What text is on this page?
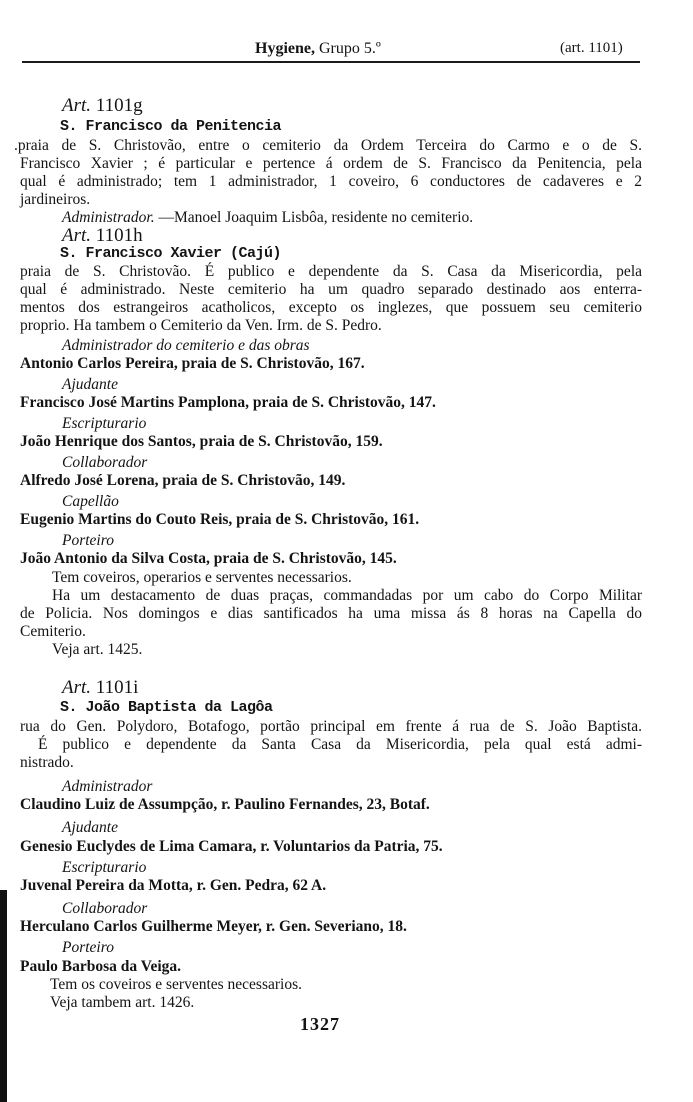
Hygiene, Grupo 5.º	(art. 1101)
Art. 1101g
S. Francisco da Penitencia
.praia de S. Christovão, entre o cemiterio da Ordem Terceira do Carmo e o de S.
Francisco Xavier ; é particular e pertence á ordem de S. Francisco da Penitencia, pela
qual é administrado; tem 1 administrador, 1 coveiro, 6 conductores de cadaveres e 2
jardineiros.
Administrador. —Manoel Joaquim Lisbôa, residente no cemiterio.
Art. 1101h
S. Francisco Xavier (Cajú)
praia de S. Christovão. É publico e dependente da S. Casa da Misericordia, pela
qual é administrado. Neste cemiterio ha um quadro separado destinado aos enterra-
mentos dos estrangeiros acatholicos, excepto os inglezes, que possuem seu cemiterio
proprio. Ha tambem o Cemiterio da Ven. Irm. de S. Pedro.
Administrador do cemiterio e das obras
Antonio Carlos Pereira, praia de S. Christovão, 167.
Ajudante
Francisco José Martins Pamplona, praia de S. Christovão, 147.
Escripturario
João Henrique dos Santos, praia de S. Christovão, 159.
Collaborador
Alfredo José Lorena, praia de S. Christovão, 149.
Capellão
Eugenio Martins do Couto Reis, praia de S. Christovão, 161.
Porteiro
João Antonio da Silva Costa, praia de S. Christovão, 145.
Tem coveiros, operarios e serventes necessarios.
Ha um destacamento de duas praças, commandadas por um cabo do Corpo Militar
de Policia. Nos domingos e dias santificados ha uma missa ás 8 horas na Capella do
Cemiterio.
Veja art. 1425.
Art. 1101i
S. João Baptista da Lagôa
rua do Gen. Polydoro, Botafogo, portão principal em frente á rua de S. João Baptista.
É publico e dependente da Santa Casa da Misericordia, pela qual está admi-
nistrado.
Administrador
Claudino Luiz de Assumpção, r. Paulino Fernandes, 23, Botaf.
Ajudante
Genesio Euclydes de Lima Camara, r. Voluntarios da Patria, 75.
Escripturario
Juvenal Pereira da Motta, r. Gen. Pedra, 62 A.
Collaborador
Herculano Carlos Guilherme Meyer, r. Gen. Severiano, 18.
Porteiro
Paulo Barbosa da Veiga.
Tem os coveiros e serventes necessarios.
Veja tambem art. 1426.
1327
